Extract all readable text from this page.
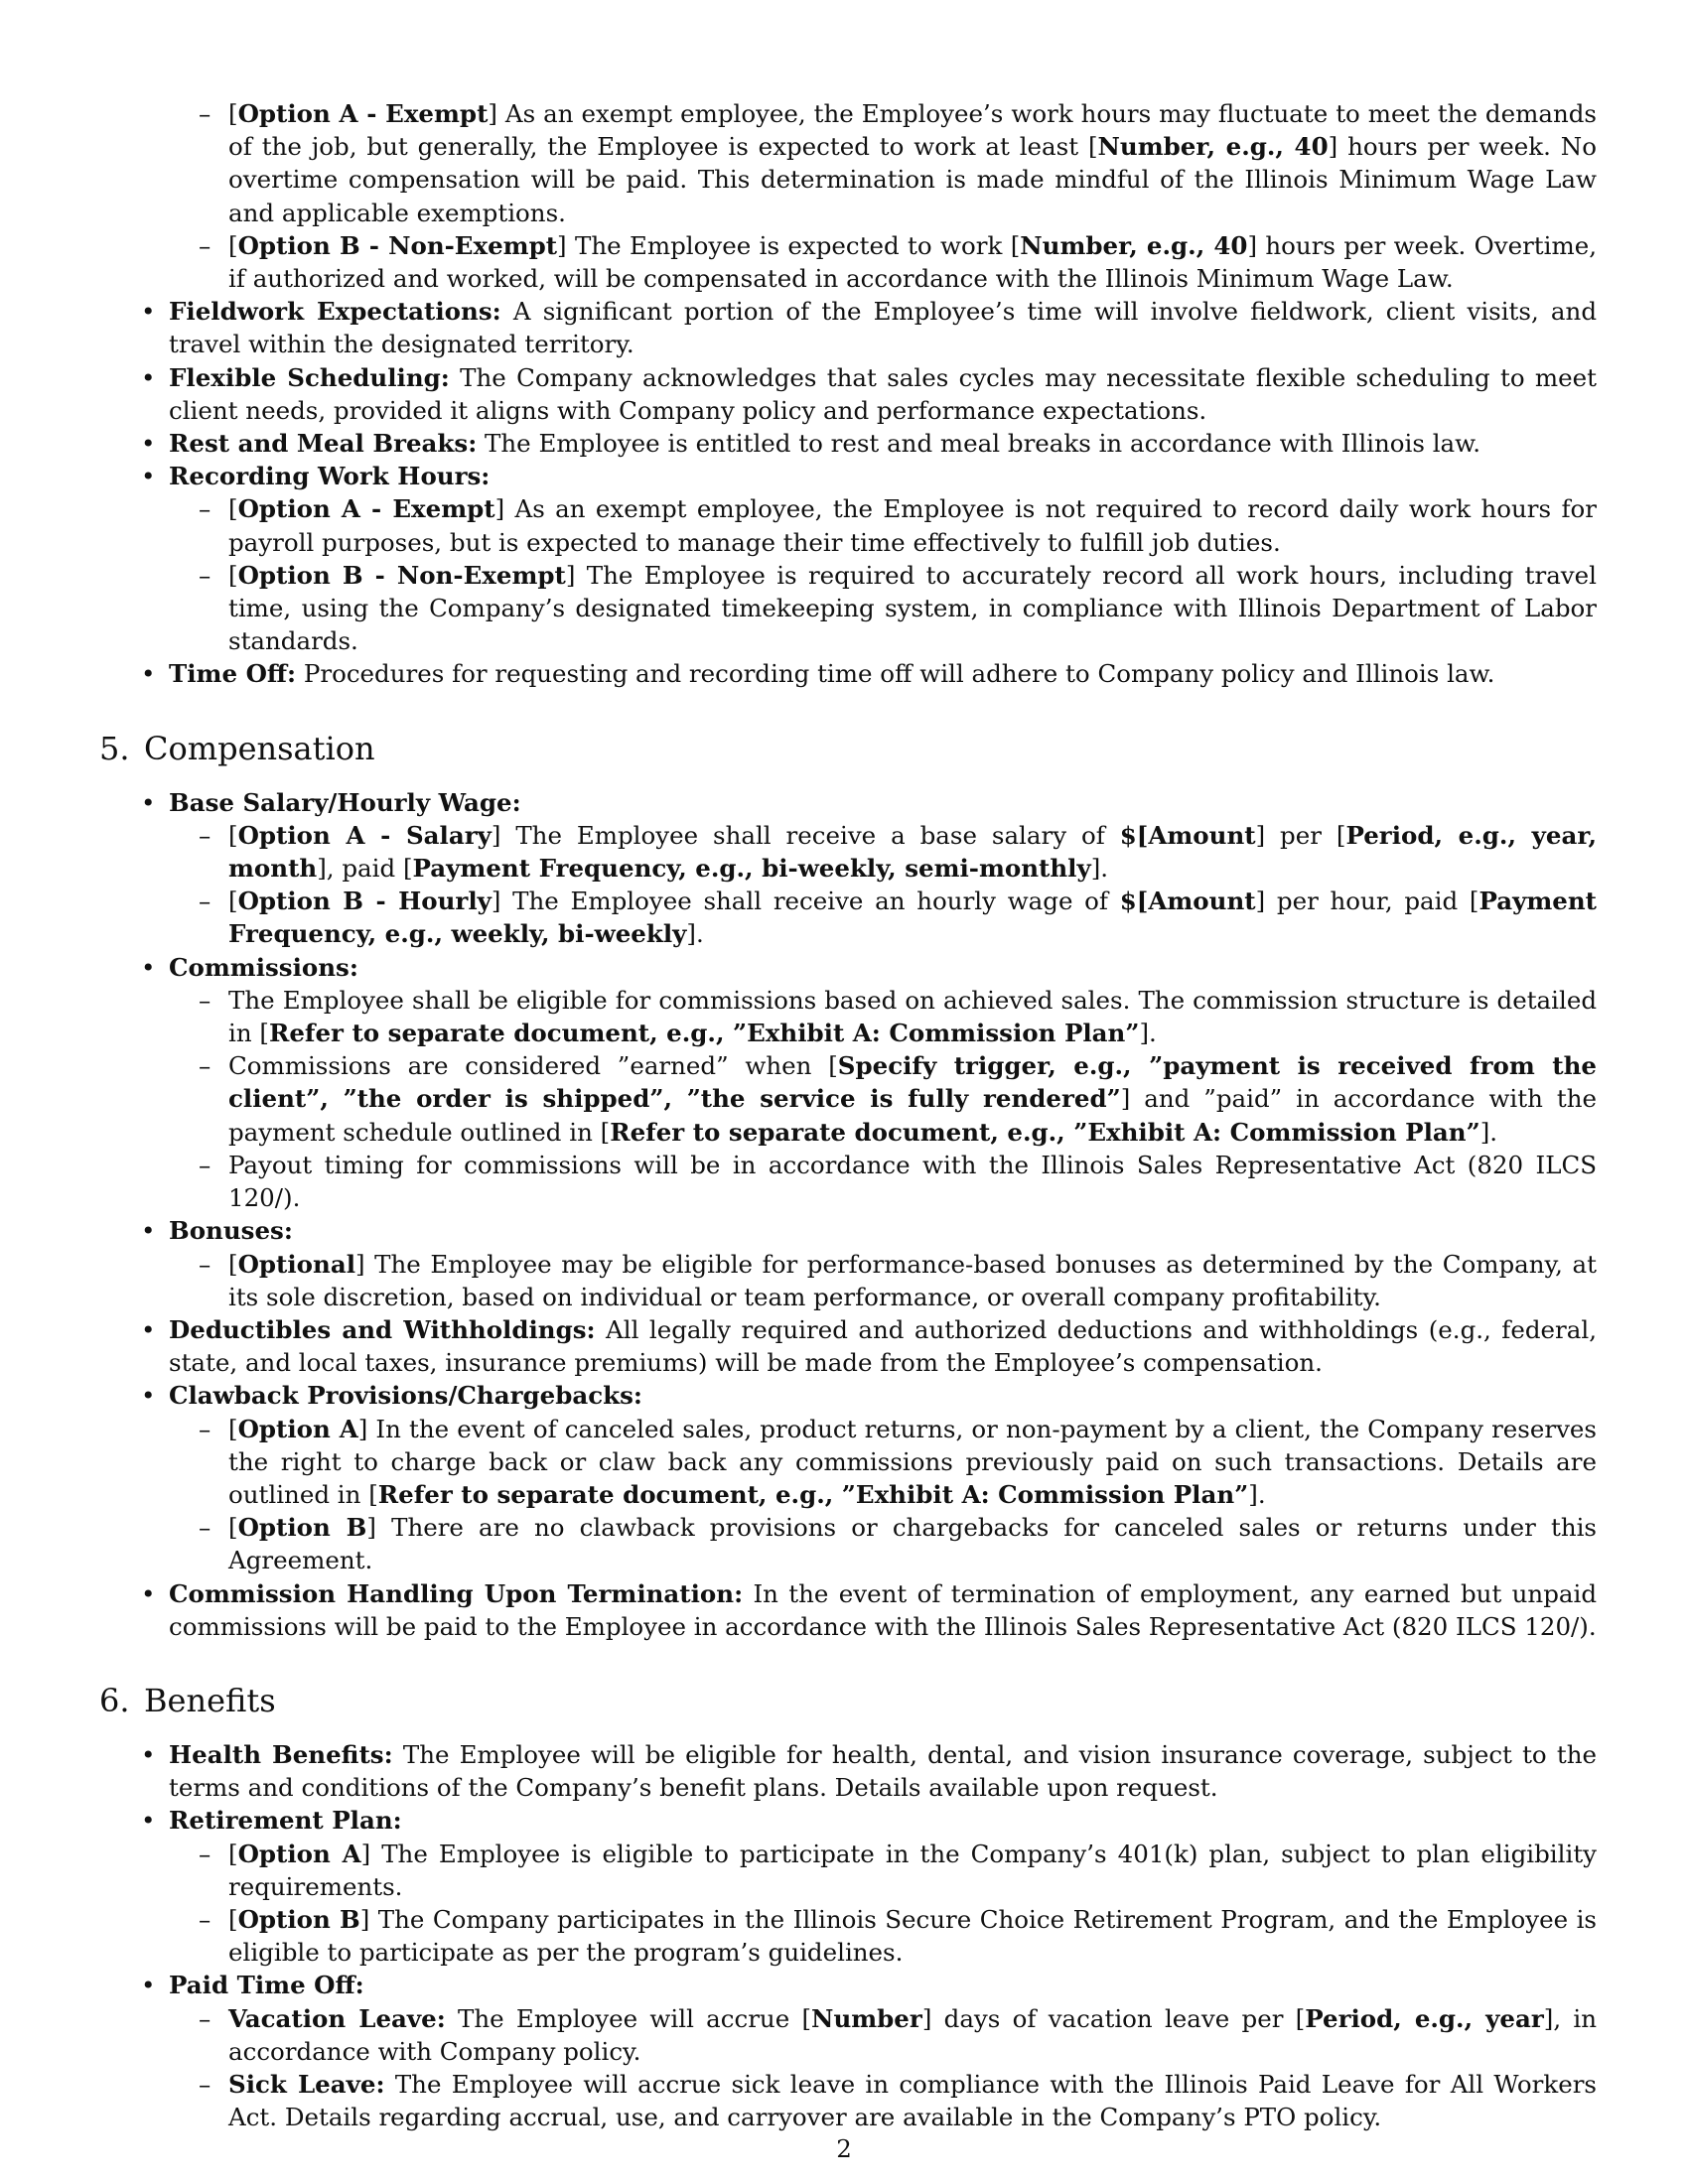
– [Option A - Exempt] As an exempt employee, the Employee’s work hours may fluctuate to meet the demands of the job, but generally, the Employee is expected to work at least [Number, e.g., 40] hours per week. No overtime compensation will be paid. This determination is made mindful of the Illinois Minimum Wage Law and applicable exemptions.
– [Option B - Non-Exempt] The Employee is expected to work [Number, e.g., 40] hours per week. Overtime, if authorized and worked, will be compensated in accordance with the Illinois Minimum Wage Law.
• Fieldwork Expectations: A significant portion of the Employee’s time will involve fieldwork, client visits, and travel within the designated territory.
• Flexible Scheduling: The Company acknowledges that sales cycles may necessitate flexible scheduling to meet client needs, provided it aligns with Company policy and performance expectations.
• Rest and Meal Breaks: The Employee is entitled to rest and meal breaks in accordance with Illinois law.
• Recording Work Hours:
– [Option A - Exempt] As an exempt employee, the Employee is not required to record daily work hours for payroll purposes, but is expected to manage their time effectively to fulfill job duties.
– [Option B - Non-Exempt] The Employee is required to accurately record all work hours, including travel time, using the Company’s designated timekeeping system, in compliance with Illinois Department of Labor standards.
• Time Off: Procedures for requesting and recording time off will adhere to Company policy and Illinois law.
5. Compensation
• Base Salary/Hourly Wage:
– [Option A - Salary] The Employee shall receive a base salary of $[Amount] per [Period, e.g., year, month], paid [Payment Frequency, e.g., bi-weekly, semi-monthly].
– [Option B - Hourly] The Employee shall receive an hourly wage of $[Amount] per hour, paid [Payment Frequency, e.g., weekly, bi-weekly].
• Commissions:
– The Employee shall be eligible for commissions based on achieved sales. The commission structure is detailed in [Refer to separate document, e.g., ”Exhibit A: Commission Plan”].
– Commissions are considered ”earned” when [Specify trigger, e.g., ”payment is received from the client”, ”the order is shipped”, ”the service is fully rendered”] and ”paid” in accordance with the payment schedule outlined in [Refer to separate document, e.g., ”Exhibit A: Commission Plan”].
– Payout timing for commissions will be in accordance with the Illinois Sales Representative Act (820 ILCS 120/).
• Bonuses:
– [Optional] The Employee may be eligible for performance-based bonuses as determined by the Company, at its sole discretion, based on individual or team performance, or overall company profitability.
• Deductibles and Withholdings: All legally required and authorized deductions and withholdings (e.g., federal, state, and local taxes, insurance premiums) will be made from the Employee’s compensation.
• Clawback Provisions/Chargebacks:
– [Option A] In the event of canceled sales, product returns, or non-payment by a client, the Company reserves the right to charge back or claw back any commissions previously paid on such transactions. Details are outlined in [Refer to separate document, e.g., ”Exhibit A: Commission Plan”].
– [Option B] There are no clawback provisions or chargebacks for canceled sales or returns under this Agreement.
• Commission Handling Upon Termination: In the event of termination of employment, any earned but unpaid commissions will be paid to the Employee in accordance with the Illinois Sales Representative Act (820 ILCS 120/).
6. Benefits
• Health Benefits: The Employee will be eligible for health, dental, and vision insurance coverage, subject to the terms and conditions of the Company’s benefit plans. Details available upon request.
• Retirement Plan:
– [Option A] The Employee is eligible to participate in the Company’s 401(k) plan, subject to plan eligibility requirements.
– [Option B] The Company participates in the Illinois Secure Choice Retirement Program, and the Employee is eligible to participate as per the program’s guidelines.
• Paid Time Off:
– Vacation Leave: The Employee will accrue [Number] days of vacation leave per [Period, e.g., year], in accordance with Company policy.
– Sick Leave: The Employee will accrue sick leave in compliance with the Illinois Paid Leave for All Workers Act. Details regarding accrual, use, and carryover are available in the Company’s PTO policy.
2
